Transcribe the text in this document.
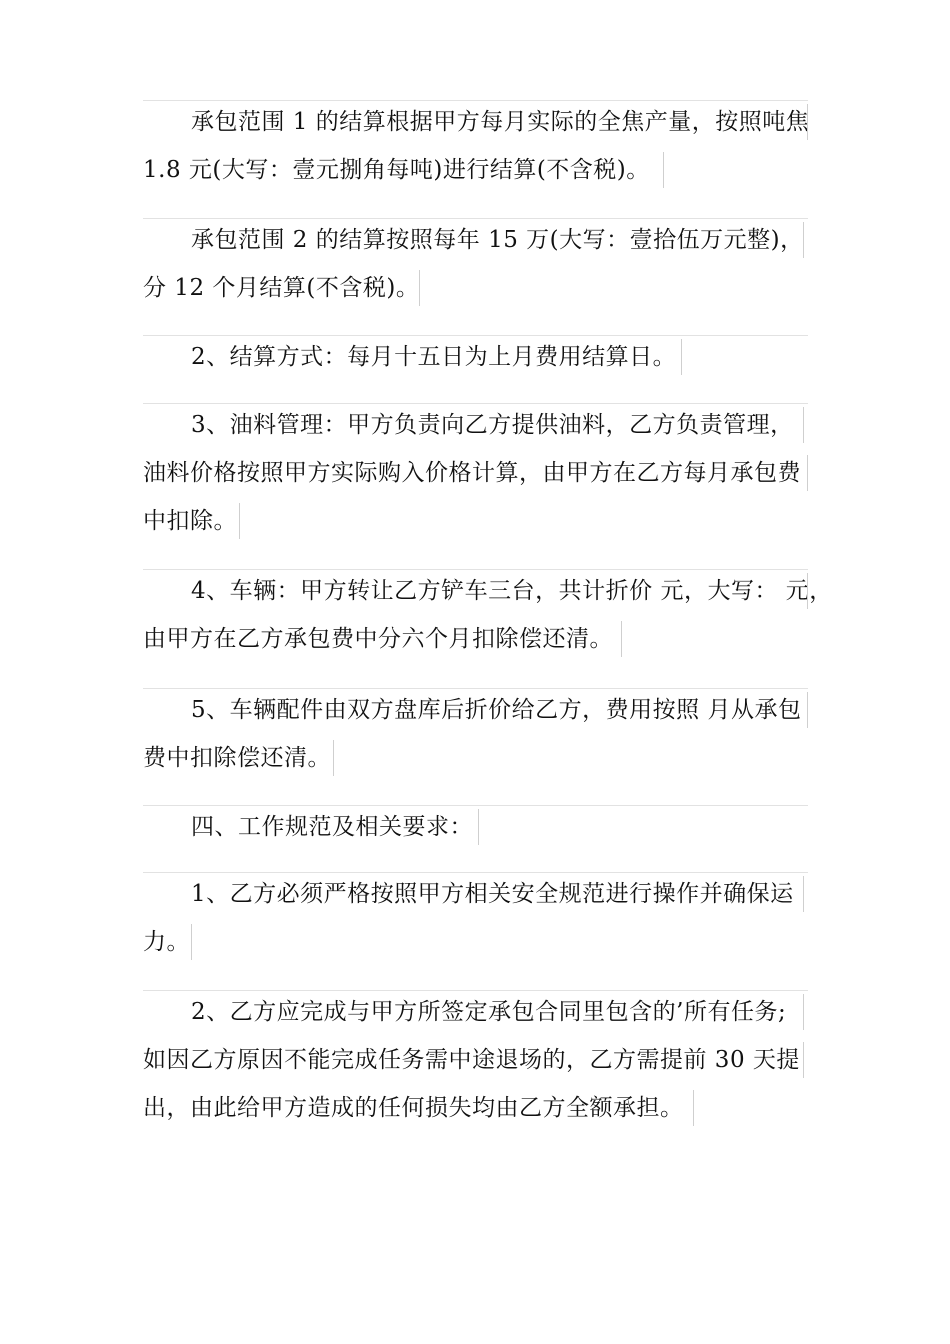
承包范围 1 的结算根据甲方每月实际的全焦产量，按照吨焦
1.8 元(大写：壹元捌角每吨)进行结算(不含税)。
承包范围 2 的结算按照每年 15 万(大写：壹拾伍万元整)，
分 12 个月结算(不含税)。
2、结算方式：每月十五日为上月费用结算日。
3、油料管理：甲方负责向乙方提供油料，乙方负责管理，
油料价格按照甲方实际购入价格计算，由甲方在乙方每月承包费
中扣除。
4、车辆：甲方转让乙方铲车三台，共计折价 元，大写： 元，
由甲方在乙方承包费中分六个月扣除偿还清。
5、车辆配件由双方盘库后折价给乙方，费用按照 月从承包
费中扣除偿还清。
四、工作规范及相关要求：
1、乙方必须严格按照甲方相关安全规范进行操作并确保运
力。
2、乙方应完成与甲方所签定承包合同里包含的’所有任务;
如因乙方原因不能完成任务需中途退场的，乙方需提前 30 天提
出，由此给甲方造成的任何损失均由乙方全额承担。
